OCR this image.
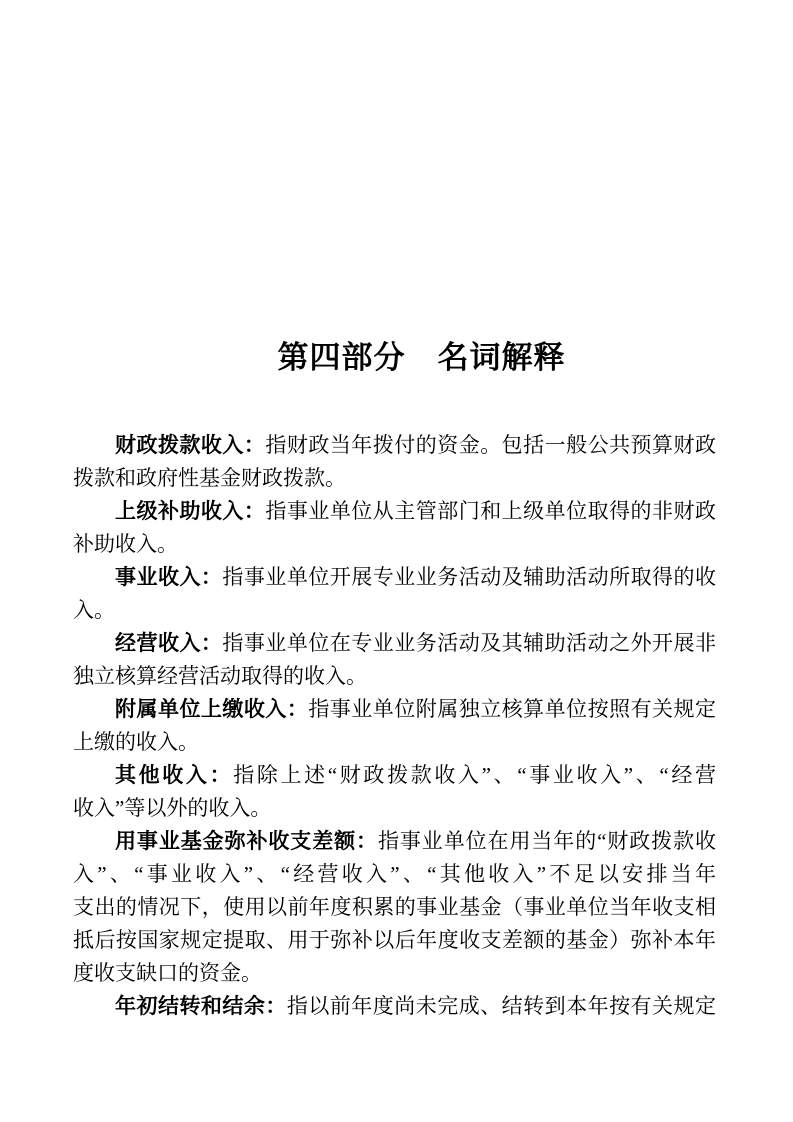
第四部分　名词解释
财政拨款收入：指财政当年拨付的资金。包括一般公共预算财政
拨款和政府性基金财政拨款。
上级补助收入：指事业单位从主管部门和上级单位取得的非财政
补助收入。
事业收入：指事业单位开展专业业务活动及辅助活动所取得的收
入。
经营收入：指事业单位在专业业务活动及其辅助活动之外开展非
独立核算经营活动取得的收入。
附属单位上缴收入：指事业单位附属独立核算单位按照有关规定
上缴的收入。
其他收入：指除上述“财政拨款收入”、“事业收入”、“经营
收入”等以外的收入。
用事业基金弥补收支差额：指事业单位在用当年的“财政拨款收
入”、“事业收入”、“经营收入”、“其他收入”不足以安排当年
支出的情况下，使用以前年度积累的事业基金（事业单位当年收支相
抵后按国家规定提取、用于弥补以后年度收支差额的基金）弥补本年
度收支缺口的资金。
年初结转和结余：指以前年度尚未完成、结转到本年按有关规定
